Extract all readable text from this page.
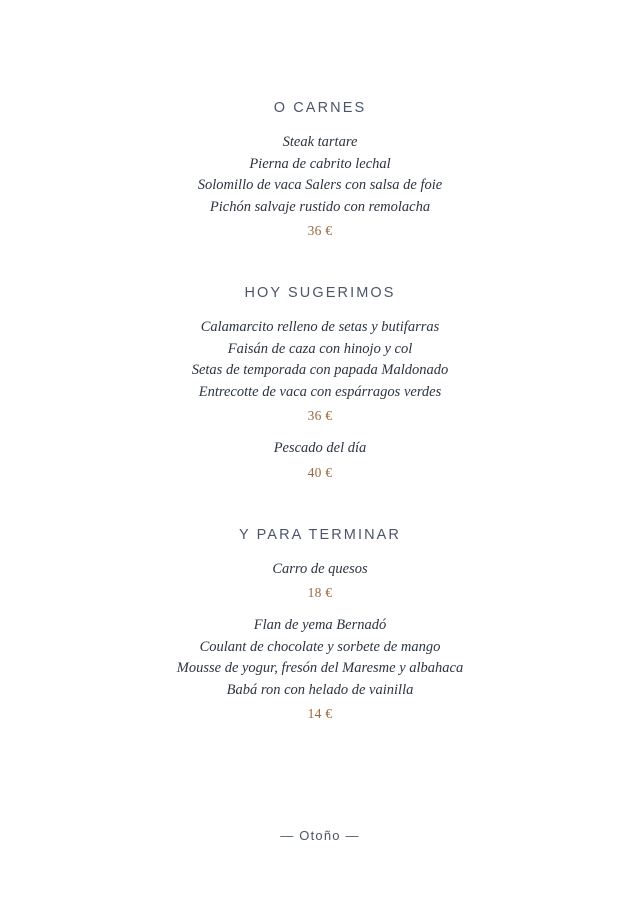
O CARNES

Steak tartare

Pierna de cabrito lechal

Solomillo de vaca Salers con salsa de foie

Pichón salvaje rustido con remolacha

36 €

HOY SUGERIMOS

Calamarcito relleno de setas y butifarras

Faisán de caza con hinojo y col

Setas de temporada con papada Maldonado

Entrecotte de vaca con espárragos verdes

36 €

Pescado del día

40 €

Y PARA TERMINAR

Carro de quesos

18 €

Flan de yema Bernadó

Coulant de chocolate y sorbete de mango

Mousse de yogur, fresón del Maresme y albahaca

Babá ron con helado de vainilla

14 €

— Otoño —
